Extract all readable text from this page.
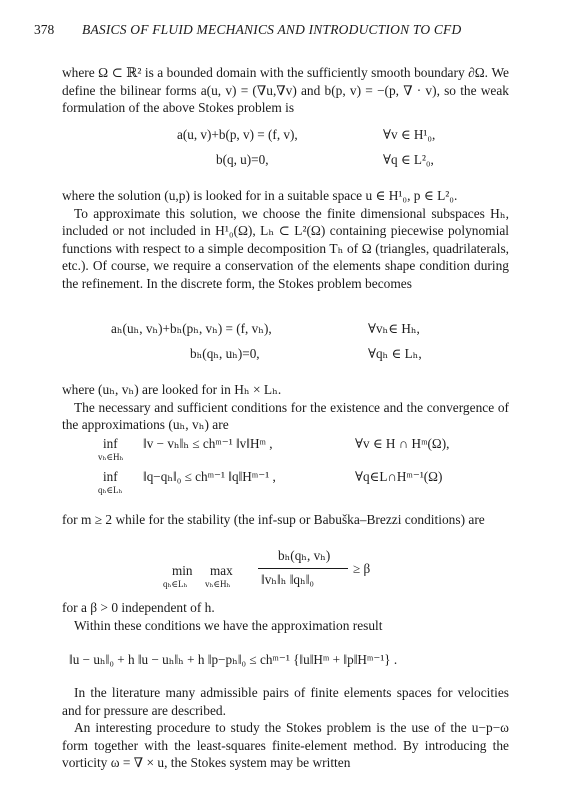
378 BASICS OF FLUID MECHANICS AND INTRODUCTION TO CFD

where Ω ⊂ ℝ² is a bounded domain with the sufficiently smooth boundary ∂Ω. We define the bilinear forms a(u, v) = (∇u,∇v) and b(p, v) = −(p, ∇ · v), so the weak formulation of the above Stokes problem is

a(u, v)+b(p, v) = (f, v),	∀v ∈ H¹₀,
b(q, u)=0,	∀q ∈ L²₀,

where the solution (u,p) is looked for in a suitable space u ∈ H¹₀, p ∈ L²₀.

To approximate this solution, we choose the finite dimensional subspaces Hₕ, included or not included in H¹₀(Ω), Lₕ ⊂ L²(Ω) containing piecewise polynomial functions with respect to a simple decomposition Tₕ of Ω (triangles, quadrilaterals, etc.). Of course, we require a conservation of the elements shape condition during the refinement. In the discrete form, the Stokes problem becomes

aₕ(uₕ, vₕ)+bₕ(pₕ, vₕ) = (f, vₕ),	∀vₕ∈ Hₕ,
bₕ(qₕ, uₕ)=0,	∀qₕ ∈ Lₕ,

where (uₕ, vₕ) are looked for in Hₕ × Lₕ.

The necessary and sufficient conditions for the existence and the convergence of the approximations (uₕ, vₕ) are

inf
vₕ∈Hₕ
‖v − vₕ‖ₕ ≤ chᵐ⁻¹ ‖v‖Hᵐ ,	∀v ∈ H ∩ Hᵐ(Ω),
inf
qₕ∈Lₕ
‖q−qₕ‖₀ ≤ chᵐ⁻¹ ‖q‖Hᵐ⁻¹ ,	∀q∈L∩Hᵐ⁻¹(Ω)

for m ≥ 2 while for the stability (the inf-sup or Babuška–Brezzi conditions) are

min
qₕ∈Lₕ
max
vₕ∈Hₕ
bₕ(qₕ, vₕ)
‖vₕ‖ₕ ‖qₕ‖₀
≥ β

for a β > 0 independent of h.

Within these conditions we have the approximation result

‖u − uₕ‖₀ + h ‖u − uₕ‖ₕ + h ‖p−pₕ‖₀ ≤ chᵐ⁻¹ {‖u‖Hᵐ + ‖p‖Hᵐ⁻¹} .

In the literature many admissible pairs of finite elements spaces for velocities and for pressure are described.

An interesting procedure to study the Stokes problem is the use of the u−p−ω form together with the least-squares finite-element method. By introducing the vorticity ω = ∇ × u, the Stokes system may be written
